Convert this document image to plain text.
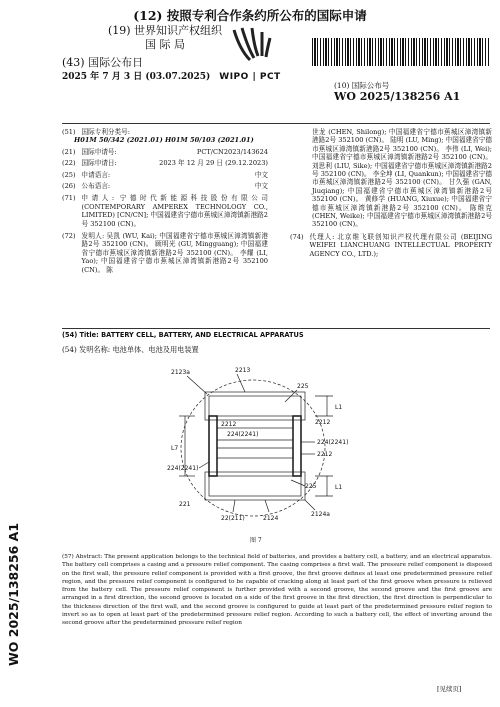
(12) 按照专利合作条约所公布的国际申请
(19) 世界知识产权组织
国 际 局
(43) 国际公布日
2025 年 7 月 3 日 (03.07.2025)	WIPO | PCT
(10) 国际公布号
WO 2025/138256 A1
(51) 国际专利分类号:
H01M 50/342 (2021.01) H01M 50/103 (2021.01)
(21) 国际申请号:	PCT/CN2023/143624
(22) 国际申请日:	2023 年 12 月 29 日 (29.12.2023)
(25) 申请语言:	中文
(26) 公布语言:	中文
(71) 申请人: 宁德时代新能源科技股份有限公司 (CONTEMPORARY AMPEREX TECHNOLOGY CO., LIMITED) [CN/CN]; 中国福建省宁德市蕉城区漳湾镇新港路2号 352100 (CN)。
(72) 发明人: 吴凯 (WU, Kai); 中国福建省宁德市蕉城区漳湾镇新港路2号 352100 (CN)。 顾明光 (GU, Mingguang); 中国福建省宁德市蕉城区漳湾镇新港路2号 352100 (CN)。 李耀 (LI, Yao); 中国福建省宁德市蕉城区漳湾镇新港路2号 352100 (CN)。 陈
世龙 (CHEN, Shilong); 中国福建省宁德市蕉城区漳湾镇新港路2号 352100 (CN)。 陆明 (LU, Ming); 中国福建省宁德市蕉城区漳湾镇新港路2号 352100 (CN)。 李伟 (LI, Wei); 中国福建省宁德市蕉城区漳湾镇新港路2号 352100 (CN)。 刘思利 (LIU, Sike); 中国福建省宁德市蕉城区漳湾镇新港路2号 352100 (CN)。 李全坤 (LI, Quankun); 中国福建省宁德市蕉城区漳湾镇新港路2号 352100 (CN)。 甘久强 (GAN, Jiuqiang); 中国福建省宁德市蕉城区漳湾镇新港路2号 352100 (CN)。 黄修学 (HUANG, Xiuxue); 中国福建省宁德市蕉城区漳湾镇新港路2号 352100 (CN)。 陈维克 (CHEN, Weike); 中国福建省宁德市蕉城区漳湾镇新港路2号 352100 (CN)。
(74) 代理人: 北京维飞联创知识产权代理有限公司 (BEIJING WEIFEI LIANCHUANG INTELLECTUAL PROPERTY AGENCY CO., LTD.);
(54) Title: BATTERY CELL, BATTERY, AND ELECTRICAL APPARATUS
(54) 发明名称: 电池单体、电池及用电装置
2123a	2213
225
L1
2212
L7
224(2241)
224(2241)
2212
L1
225
221
22(211)	2124
2124a
2212
224(2241)
图 7
(57) Abstract: The present application belongs to the technical field of batteries, and provides a battery cell, a battery, and an electrical apparatus. The battery cell comprises a casing and a pressure relief component. The casing comprises a first wall. The pressure relief component is disposed on the first wall, the pressure relief component is provided with a first groove, the first groove defines at least one predetermined pressure relief region, and the pressure relief component is configured to be capable of cracking along at least part of the first groove when pressure is relieved from the battery cell. The pressure relief component is further provided with a second groove, the second groove and the first groove are arranged in a first direction, the second groove is located on a side of the first groove in the first direction, the first direction is perpendicular to the thickness direction of the first wall, and the second groove is configured to guide at least part of the predetermined pressure relief region to invert so as to open at least part of the predetermined pressure relief region. According to such a battery cell, the effect of inverting around the second groove after the predetermined pressure relief region
WO 2025/138256 A1
[见续页]
